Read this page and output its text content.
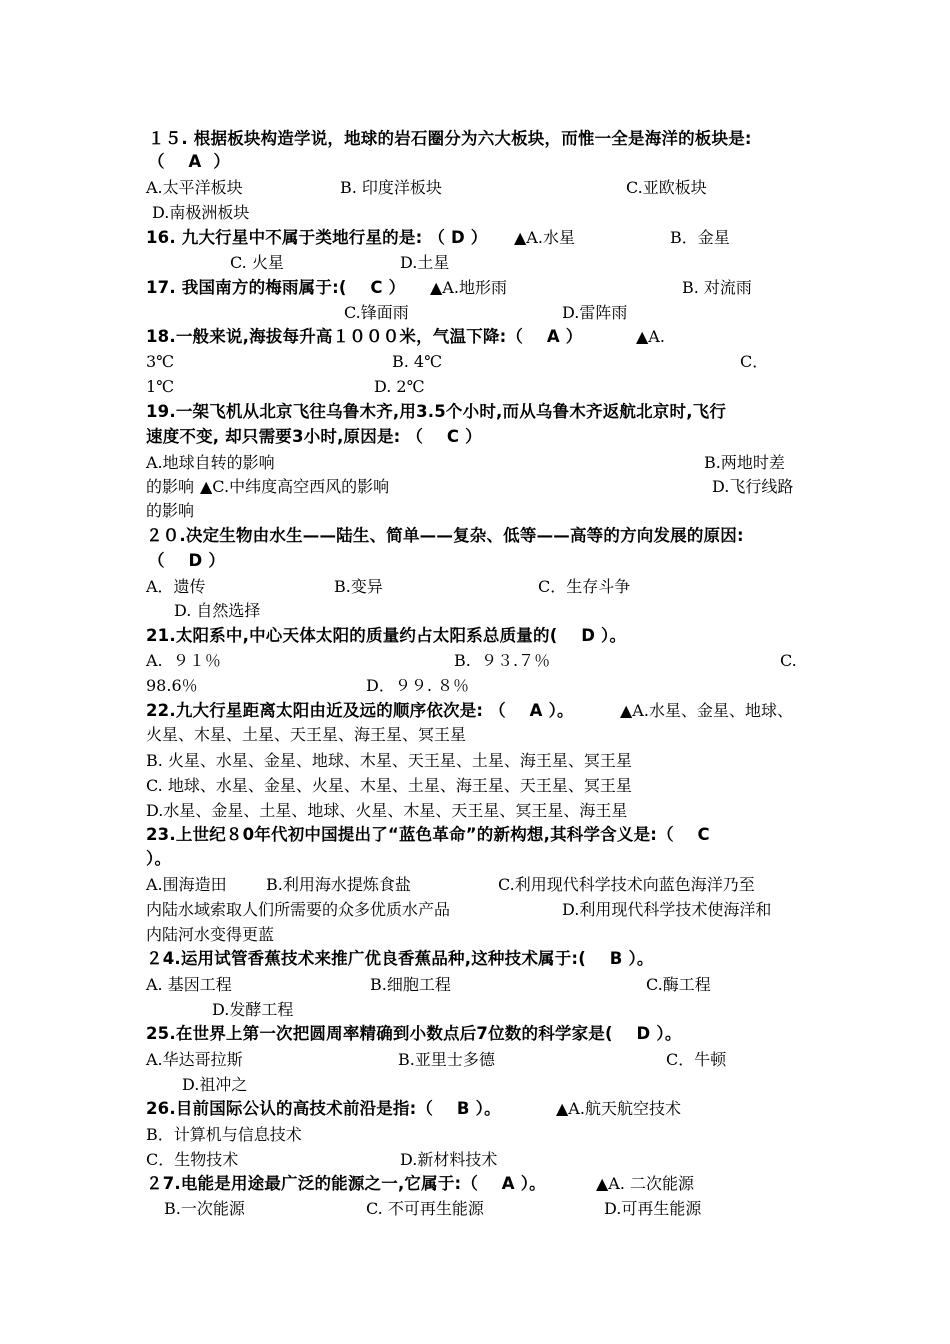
１５. 根据板块构造学说，地球的岩石圈分为六大板块，而惟一全是海洋的板块是:
（    A  ）
A.太平洋板块	B. 印度洋板块	C.亚欧板块
D.南极洲板块
16. 九大行星中不属于类地行星的是: （ D ） ▲A.水星	B．金星
C. 火星	D.土星
17. 我国南方的梅雨属于:(    C ） ▲A.地形雨	B. 对流雨
C.锋面雨	D.雷阵雨
18.一般来说,海拔每升高１０００米，气温下降:（    A ）	▲A.
3℃	B. 4℃	C．
1℃	D. 2℃
19.一架飞机从北京飞往乌鲁木齐,用3.5个小时,而从乌鲁木齐返航北京时,飞行
速度不变, 却只需要3小时,原因是: （    C ）
A.地球自转的影响	B.两地时差
的影响 ▲C.中纬度高空西风的影响	D.飞行线路
的影响
２０.决定生物由水生——陆生、简单——复杂、低等——高等的方向发展的原因:
（    D ）
A．遗传	B.变异	C．生存斗争
D. 自然选择
21.太阳系中,中心天体太阳的质量约占太阳系总质量的(    D ）。
A.  ９１％	B.  ９３.７％	C.
98.6％	D．９９. ８％
22.九大行星距离太阳由近及远的顺序依次是: （    A ）。	▲A.水星、金星、地球、
火星、木星、土星、天王星、海王星、冥王星
B. 火星、水星、金星、地球、木星、天王星、土星、海王星、冥王星
C. 地球、水星、金星、火星、木星、土星、海王星、天王星、冥王星
D.水星、金星、土星、地球、火星、木星、天王星、冥王星、海王星
23.上世纪８0年代初中国提出了“蓝色革命”的新构想,其科学含义是:（    C
）。
A.围海造田 B.利用海水提炼食盐	C.利用现代科学技术向蓝色海洋乃至
内陆水域索取人们所需要的众多优质水产品	D.利用现代科学技术使海洋和
内陆河水变得更蓝
２4.运用试管香蕉技术来推广优良香蕉品种,这种技术属于:(    B ）。
A. 基因工程	B.细胞工程	C.酶工程
D.发酵工程
25.在世界上第一次把圆周率精确到小数点后7位数的科学家是(    D ）。
A.华达哥拉斯	B.亚里士多德	C．牛顿
D.祖冲之
26.目前国际公认的高技术前沿是指:（    B ）。	▲A.航天航空技术
B．计算机与信息技术
C．生物技术	D.新材料技术
２7.电能是用途最广泛的能源之一,它属于:（    A ）。	▲A. 二次能源
B.一次能源	C. 不可再生能源	D.可再生能源
